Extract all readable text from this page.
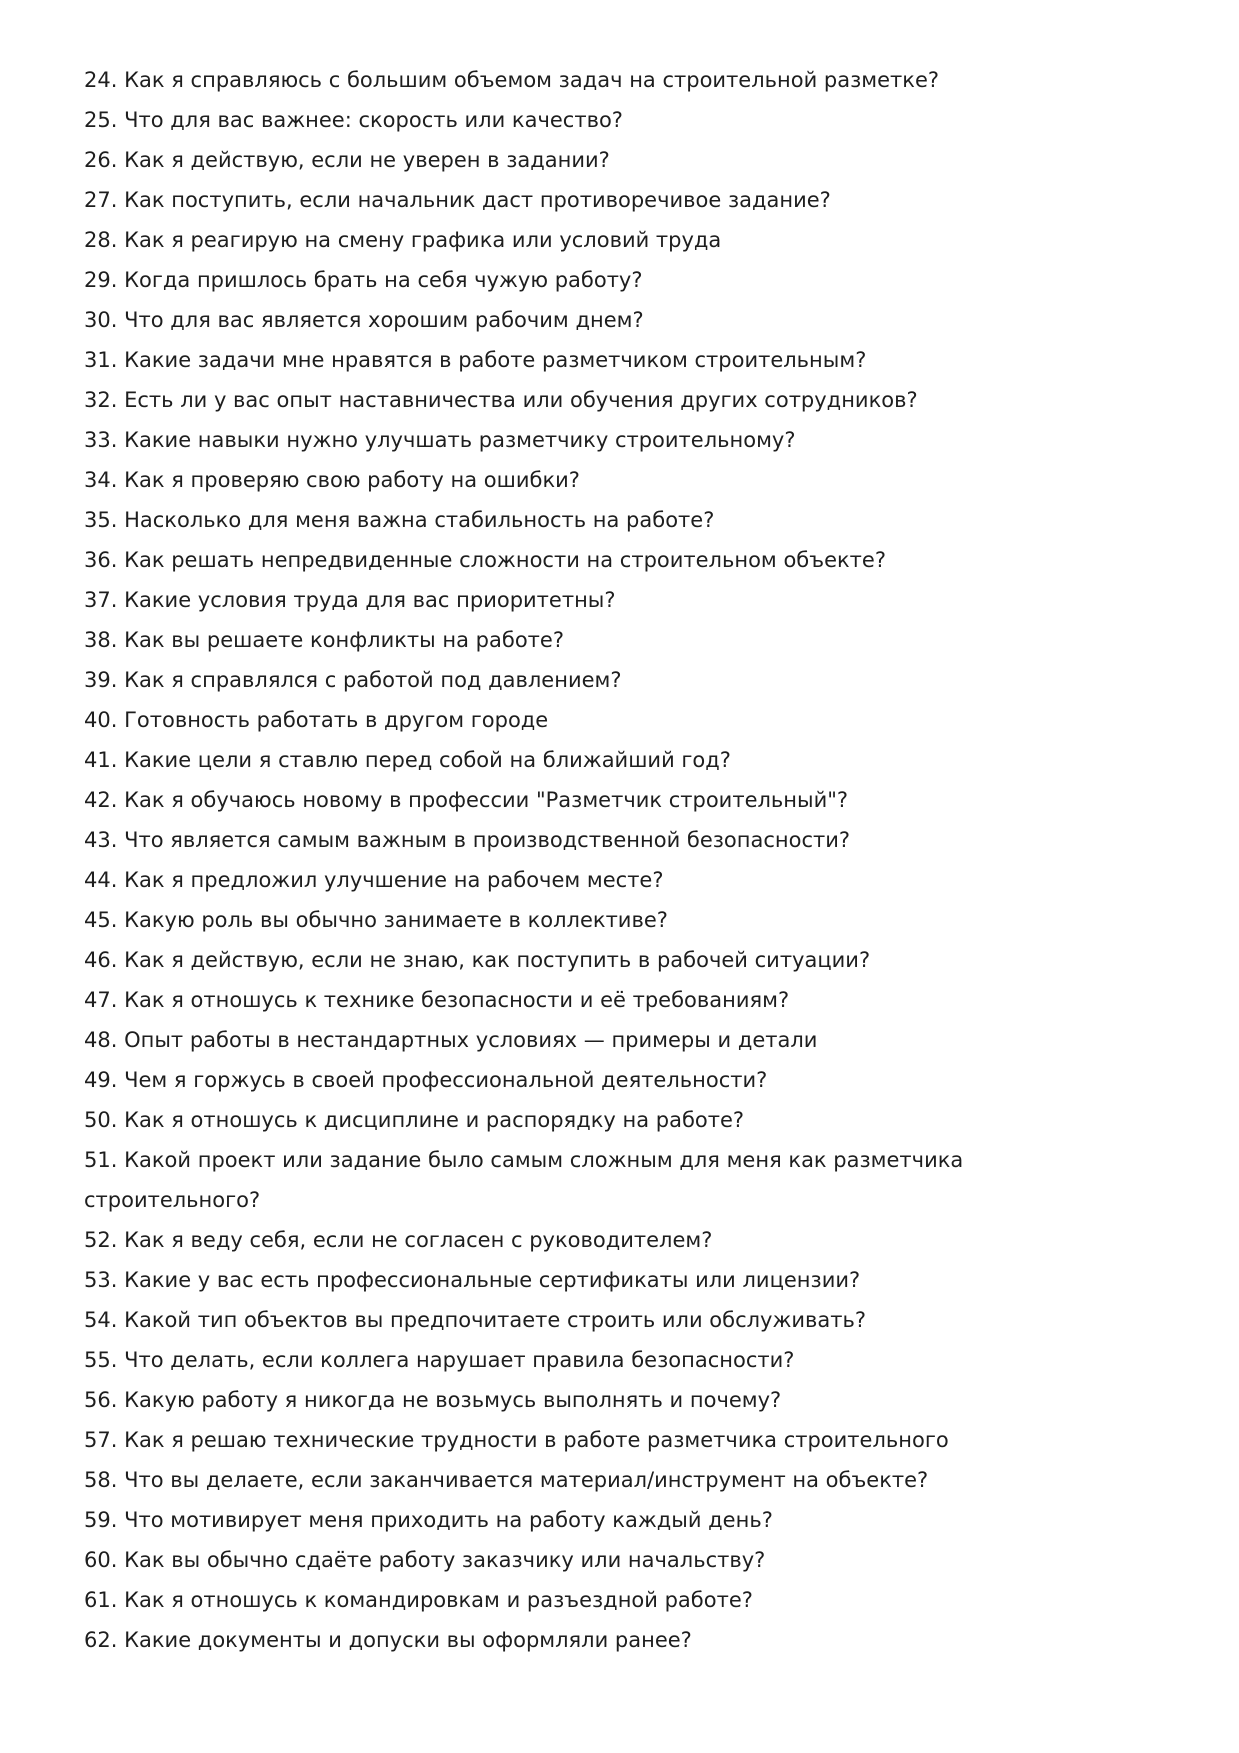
24. Как я справляюсь с большим объемом задач на строительной разметке?
25. Что для вас важнее: скорость или качество?
26. Как я действую, если не уверен в задании?
27. Как поступить, если начальник даст противоречивое задание?
28. Как я реагирую на смену графика или условий труда
29. Когда пришлось брать на себя чужую работу?
30. Что для вас является хорошим рабочим днем?
31. Какие задачи мне нравятся в работе разметчиком строительным?
32. Есть ли у вас опыт наставничества или обучения других сотрудников?
33. Какие навыки нужно улучшать разметчику строительному?
34. Как я проверяю свою работу на ошибки?
35. Насколько для меня важна стабильность на работе?
36. Как решать непредвиденные сложности на строительном объекте?
37. Какие условия труда для вас приоритетны?
38. Как вы решаете конфликты на работе?
39. Как я справлялся с работой под давлением?
40. Готовность работать в другом городе
41. Какие цели я ставлю перед собой на ближайший год?
42. Как я обучаюсь новому в профессии "Разметчик строительный"?
43. Что является самым важным в производственной безопасности?
44. Как я предложил улучшение на рабочем месте?
45. Какую роль вы обычно занимаете в коллективе?
46. Как я действую, если не знаю, как поступить в рабочей ситуации?
47. Как я отношусь к технике безопасности и её требованиям?
48. Опыт работы в нестандартных условиях — примеры и детали
49. Чем я горжусь в своей профессиональной деятельности?
50. Как я отношусь к дисциплине и распорядку на работе?
51. Какой проект или задание было самым сложным для меня как разметчика строительного?
52. Как я веду себя, если не согласен с руководителем?
53. Какие у вас есть профессиональные сертификаты или лицензии?
54. Какой тип объектов вы предпочитаете строить или обслуживать?
55. Что делать, если коллега нарушает правила безопасности?
56. Какую работу я никогда не возьмусь выполнять и почему?
57. Как я решаю технические трудности в работе разметчика строительного
58. Что вы делаете, если заканчивается материал/инструмент на объекте?
59. Что мотивирует меня приходить на работу каждый день?
60. Как вы обычно сдаёте работу заказчику или начальству?
61. Как я отношусь к командировкам и разъездной работе?
62. Какие документы и допуски вы оформляли ранее?
